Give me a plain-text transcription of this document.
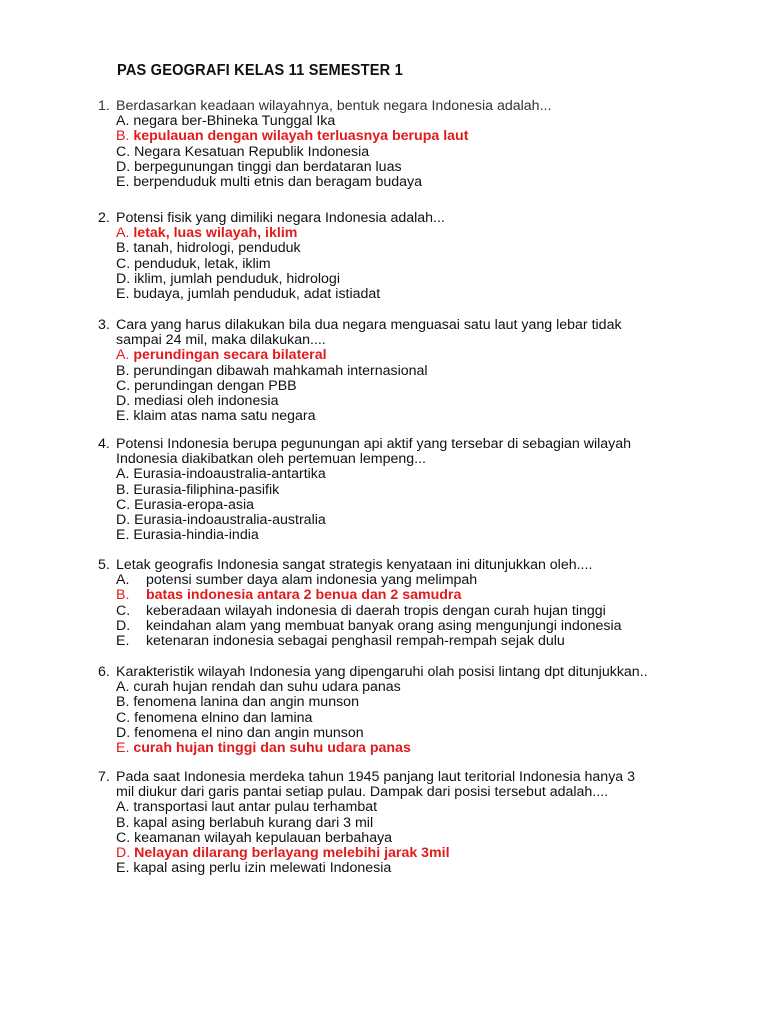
PAS GEOGRAFI KELAS 11 SEMESTER 1
1. Berdasarkan keadaan wilayahnya, bentuk negara Indonesia adalah...
A. negara ber-Bhineka Tunggal Ika
B. kepulauan dengan wilayah terluasnya berupa laut
C. Negara Kesatuan Republik Indonesia
D. berpegunungan tinggi dan berdataran luas
E. berpenduduk multi etnis dan beragam budaya
2. Potensi fisik yang dimiliki negara Indonesia adalah...
A. letak, luas wilayah, iklim
B. tanah, hidrologi, penduduk
C. penduduk, letak, iklim
D. iklim, jumlah penduduk, hidrologi
E. budaya, jumlah penduduk, adat istiadat
3. Cara yang harus dilakukan bila dua negara menguasai satu laut yang lebar tidak
sampai 24 mil, maka dilakukan....
A. perundingan secara bilateral
B. perundingan dibawah mahkamah internasional
C. perundingan dengan PBB
D. mediasi oleh indonesia
E. klaim atas nama satu negara
4. Potensi Indonesia berupa pegunungan api aktif yang tersebar di sebagian wilayah
Indonesia diakibatkan oleh pertemuan lempeng...
A. Eurasia-indoaustralia-antartika
B. Eurasia-filiphina-pasifik
C. Eurasia-eropa-asia
D. Eurasia-indoaustralia-australia
E. Eurasia-hindia-india
5. Letak geografis Indonesia sangat strategis kenyataan ini ditunjukkan oleh....
A. potensi sumber daya alam indonesia yang melimpah
B. batas indonesia antara 2 benua dan 2 samudra
C. keberadaan wilayah indonesia di daerah tropis dengan curah hujan tinggi
D. keindahan alam yang membuat banyak orang asing mengunjungi indonesia
E. ketenaran indonesia sebagai penghasil rempah-rempah sejak dulu
6. Karakteristik wilayah Indonesia yang dipengaruhi olah posisi lintang dpt ditunjukkan..
A. curah hujan rendah dan suhu udara panas
B. fenomena lanina dan angin munson
C. fenomena elnino dan lamina
D. fenomena el nino dan angin munson
E. curah hujan tinggi dan suhu udara panas
7. Pada saat Indonesia merdeka tahun 1945 panjang laut teritorial Indonesia hanya 3
mil diukur dari garis pantai setiap pulau. Dampak dari posisi tersebut adalah....
A. transportasi laut antar pulau terhambat
B. kapal asing berlabuh kurang dari 3 mil
C. keamanan wilayah kepulauan berbahaya
D. Nelayan dilarang berlayang melebihi jarak 3mil
E. kapal asing perlu izin melewati Indonesia
